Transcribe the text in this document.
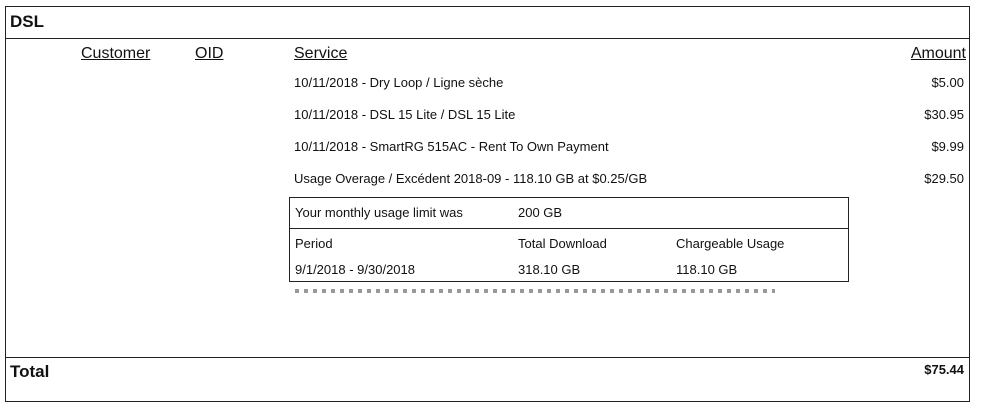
DSL
Customer	OID	Service	Amount
10/11/2018 - Dry Loop / Ligne sèche	$5.00
10/11/2018 - DSL 15 Lite / DSL 15 Lite	$30.95
10/11/2018 - SmartRG 515AC - Rent To Own Payment	$9.99
Usage Overage / Excédent 2018-09 - 118.10 GB at $0.25/GB	$29.50
Your monthly usage limit was	200 GB
Period	Total Download	Chargeable Usage
9/1/2018 - 9/30/2018	318.10 GB	118.10 GB
Total	$75.44
